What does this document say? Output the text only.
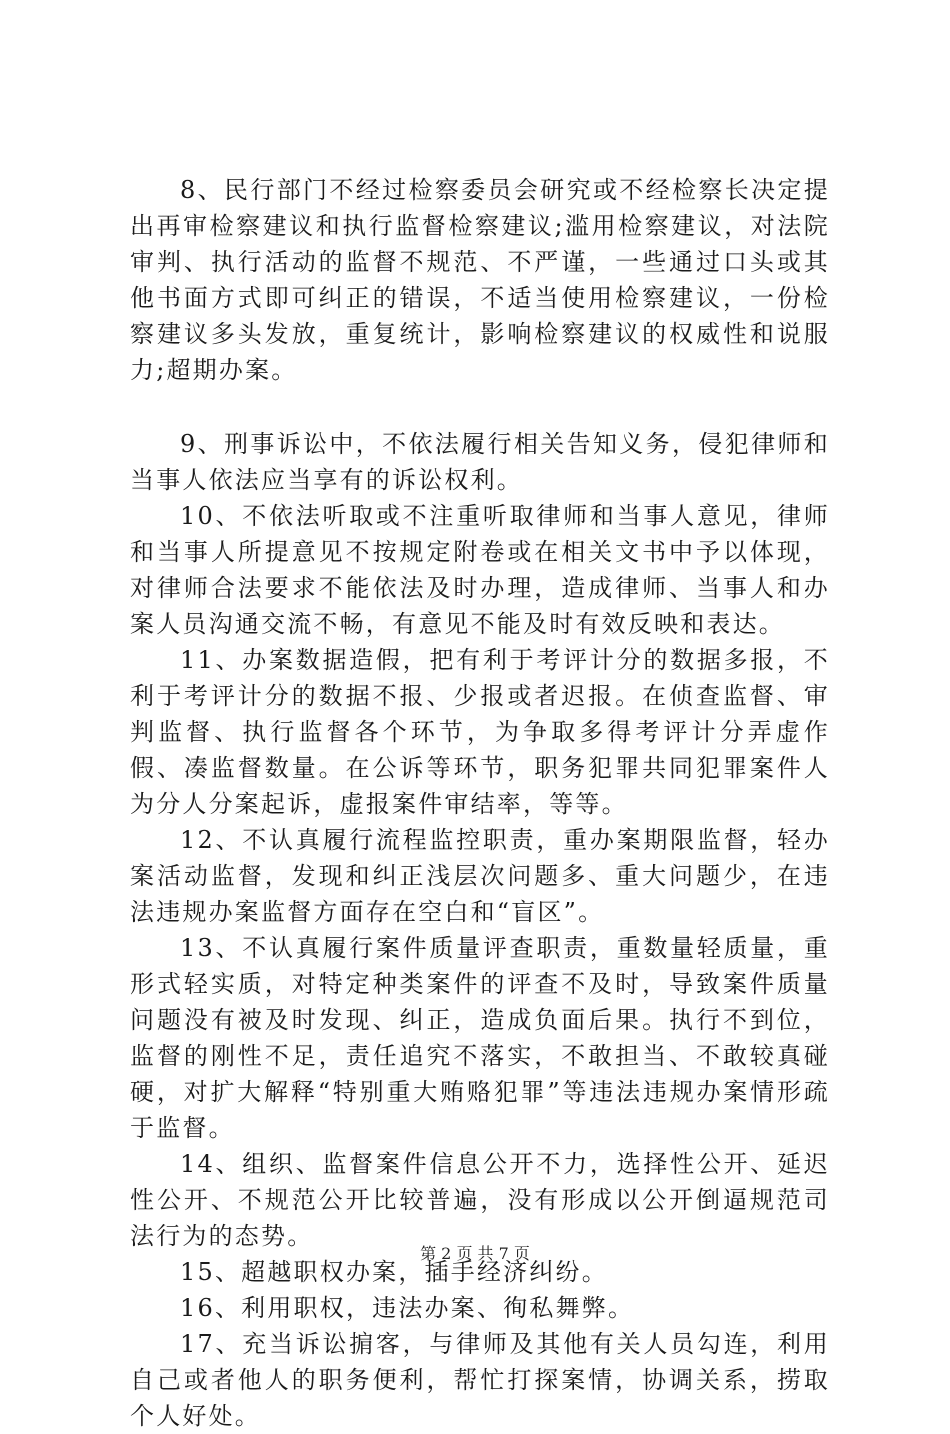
8、民行部门不经过检察委员会研究或不经检察长决定提出再审检察建议和执行监督检察建议;滥用检察建议，对法院审判、执行活动的监督不规范、不严谨，一些通过口头或其他书面方式即可纠正的错误，不适当使用检察建议，一份检察建议多头发放，重复统计，影响检察建议的权威性和说服力;超期办案。

9、刑事诉讼中，不依法履行相关告知义务，侵犯律师和当事人依法应当享有的诉讼权利。

10、不依法听取或不注重听取律师和当事人意见，律师和当事人所提意见不按规定附卷或在相关文书中予以体现，对律师合法要求不能依法及时办理，造成律师、当事人和办案人员沟通交流不畅，有意见不能及时有效反映和表达。

11、办案数据造假，把有利于考评计分的数据多报，不利于考评计分的数据不报、少报或者迟报。在侦查监督、审判监督、执行监督各个环节，为争取多得考评计分弄虚作假、凑监督数量。在公诉等环节，职务犯罪共同犯罪案件人为分人分案起诉，虚报案件审结率，等等。

12、不认真履行流程监控职责，重办案期限监督，轻办案活动监督，发现和纠正浅层次问题多、重大问题少，在违法违规办案监督方面存在空白和“盲区”。

13、不认真履行案件质量评查职责，重数量轻质量，重形式轻实质，对特定种类案件的评查不及时，导致案件质量问题没有被及时发现、纠正，造成负面后果。执行不到位，监督的刚性不足，责任追究不落实，不敢担当、不敢较真碰硬，对扩大解释“特别重大贿赂犯罪”等违法违规办案情形疏于监督。

14、组织、监督案件信息公开不力，选择性公开、延迟性公开、不规范公开比较普遍，没有形成以公开倒逼规范司法行为的态势。

15、超越职权办案，插手经济纠纷。

16、利用职权，违法办案、徇私舞弊。

17、充当诉讼掮客，与律师及其他有关人员勾连，利用自己或者他人的职务便利，帮忙打探案情，协调关系，捞取个人好处。

第 2 页 共 7 页
